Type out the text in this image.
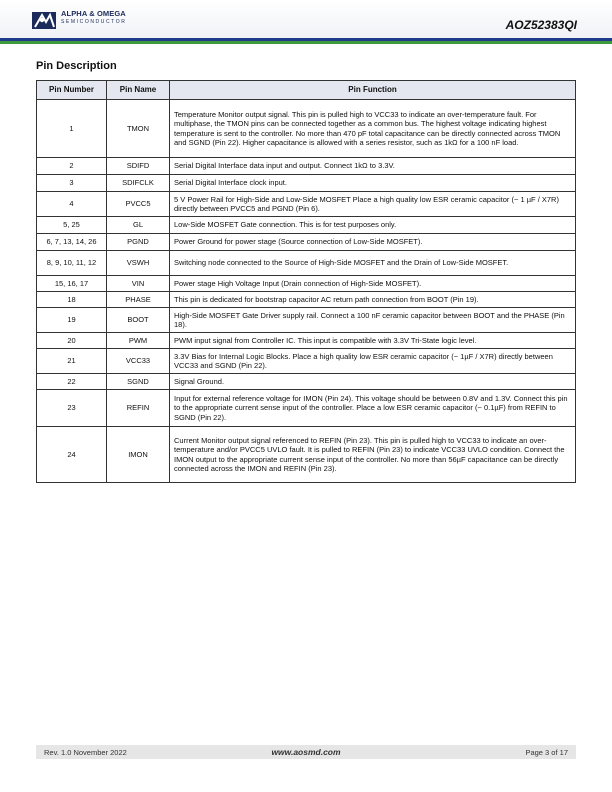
ALPHA & OMEGA
SEMICONDUCTOR	AOZ52383QI
Pin Description
Pin Number	Pin Name	Pin Function
1	TMON	Temperature Monitor output signal. This pin is pulled high to VCC33 to indicate an over-temperature fault. For multiphase, the TMON pins can be connected together as a common bus. The highest voltage indicating highest temperature is sent to the controller. No more than 470 pF total capacitance can be directly connected across TMON and SGND (Pin 22). Higher capacitance is allowed with a series resistor, such as 1kΩ for a 100 nF load.
2	SDIFD	Serial Digital Interface data input and output. Connect 1kΩ to 3.3V.
3	SDIFCLK	Serial Digital Interface clock input.
4	PVCC5	5 V Power Rail for High-Side and Low-Side MOSFET Place a high quality low ESR ceramic capacitor (~ 1 µF / X7R) directly between PVCC5 and PGND (Pin 6).
5, 25	GL	Low-Side MOSFET Gate connection. This is for test purposes only.
6, 7, 13, 14, 26	PGND	Power Ground for power stage (Source connection of Low-Side MOSFET).
8, 9, 10, 11, 12	VSWH	Switching node connected to the Source of High-Side MOSFET and the Drain of Low-Side MOSFET.
15, 16, 17	VIN	Power stage High Voltage Input (Drain connection of High-Side MOSFET).
18	PHASE	This pin is dedicated for bootstrap capacitor AC return path connection from BOOT (Pin 19).
19	BOOT	High-Side MOSFET Gate Driver supply rail. Connect a 100 nF ceramic capacitor between BOOT and the PHASE (Pin 18).
20	PWM	PWM input signal from Controller IC. This input is compatible with 3.3V Tri-State logic level.
21	VCC33	3.3V Bias for Internal Logic Blocks. Place a high quality low ESR ceramic capacitor (~ 1µF / X7R) directly between VCC33 and SGND (Pin 22).
22	SGND	Signal Ground.
23	REFIN	Input for external reference voltage for IMON (Pin 24). This voltage should be between 0.8V and 1.3V. Connect this pin to the appropriate current sense input of the controller. Place a low ESR ceramic capacitor (~ 0.1µF) from REFIN to SGND (Pin 22).
24	IMON	Current Monitor output signal referenced to REFIN (Pin 23). This pin is pulled high to VCC33 to indicate an over-temperature and/or PVCC5 UVLO fault. It is pulled to REFIN (Pin 23) to indicate VCC33 UVLO condition. Connect the IMON output to the appropriate current sense input of the controller. No more than 56µF capacitance can be directly connected across the IMON and REFIN (Pin 23).
Rev. 1.0 November 2022	www.aosmd.com	Page 3 of 17
